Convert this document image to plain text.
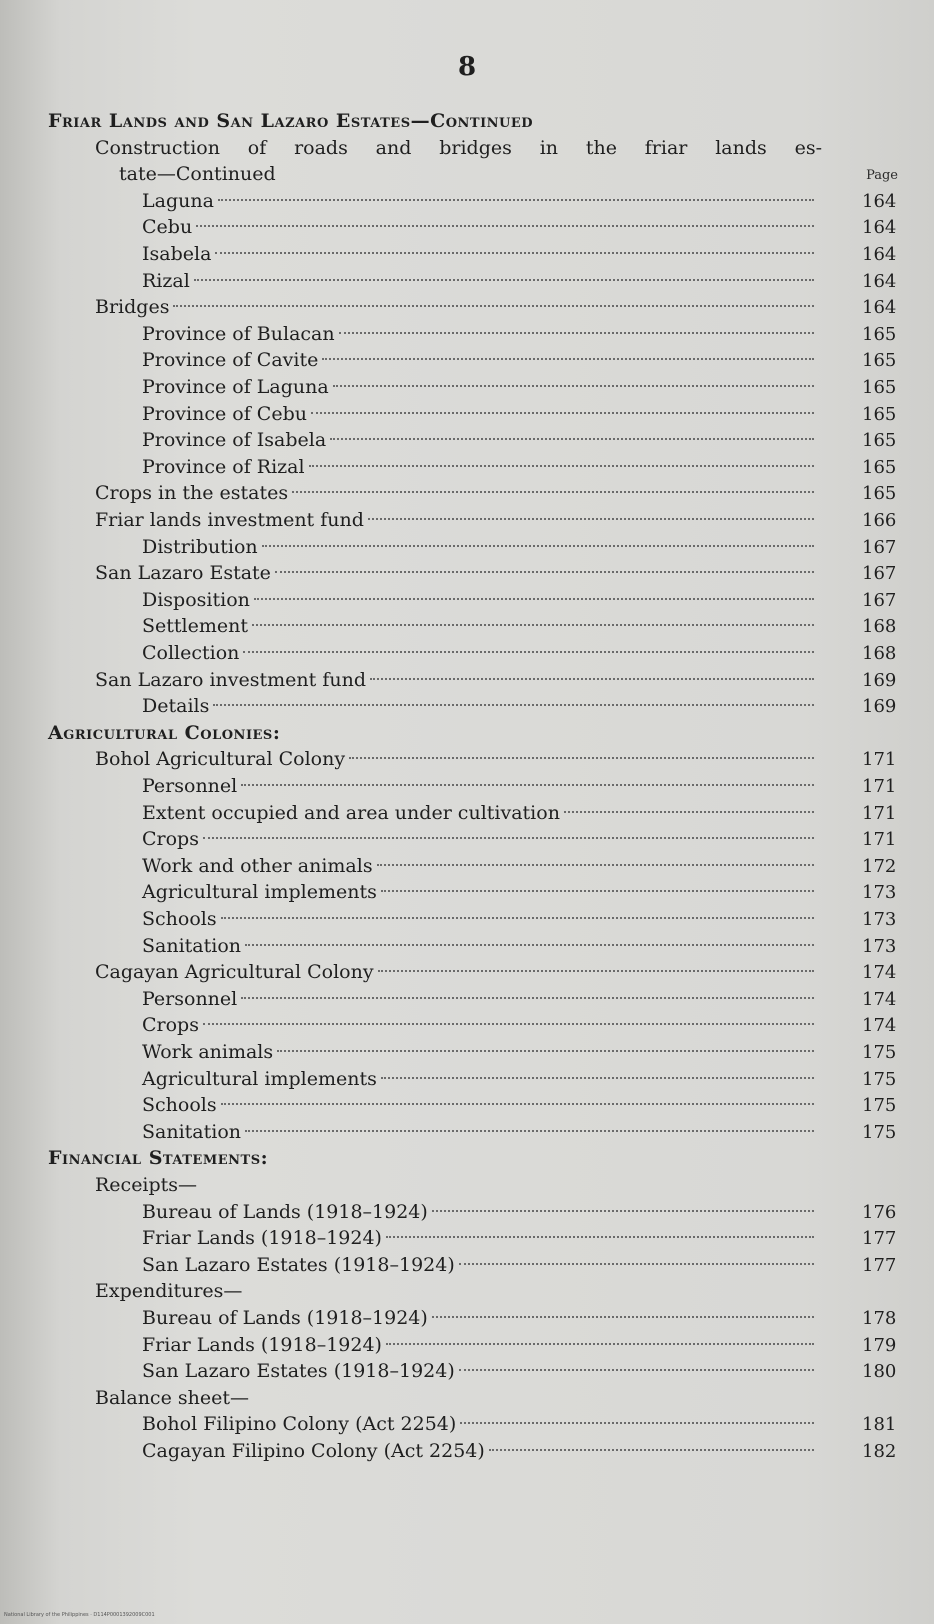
8
Page
Friar Lands and San Lazaro Estates—Continued
Construction of roads and bridges in the friar lands es-
tate—Continued
Laguna	164
Cebu	164
Isabela	164
Rizal	164
Bridges	164
Province of Bulacan	165
Province of Cavite	165
Province of Laguna	165
Province of Cebu	165
Province of Isabela	165
Province of Rizal	165
Crops in the estates	165
Friar lands investment fund	166
Distribution	167
San Lazaro Estate	167
Disposition	167
Settlement	168
Collection	168
San Lazaro investment fund	169
Details	169
Agricultural Colonies:
Bohol Agricultural Colony	171
Personnel	171
Extent occupied and area under cultivation	171
Crops	171
Work and other animals	172
Agricultural implements	173
Schools	173
Sanitation	173
Cagayan Agricultural Colony	174
Personnel	174
Crops	174
Work animals	175
Agricultural implements	175
Schools	175
Sanitation	175
Financial Statements:
Receipts—
Bureau of Lands (1918–1924)	176
Friar Lands (1918–1924)	177
San Lazaro Estates (1918–1924)	177
Expenditures—
Bureau of Lands (1918–1924)	178
Friar Lands (1918–1924)	179
San Lazaro Estates (1918–1924)	180
Balance sheet—
Bohol Filipino Colony (Act 2254)	181
Cagayan Filipino Colony (Act 2254)	182
National Library of the Philippines · D114P0001392009C001
